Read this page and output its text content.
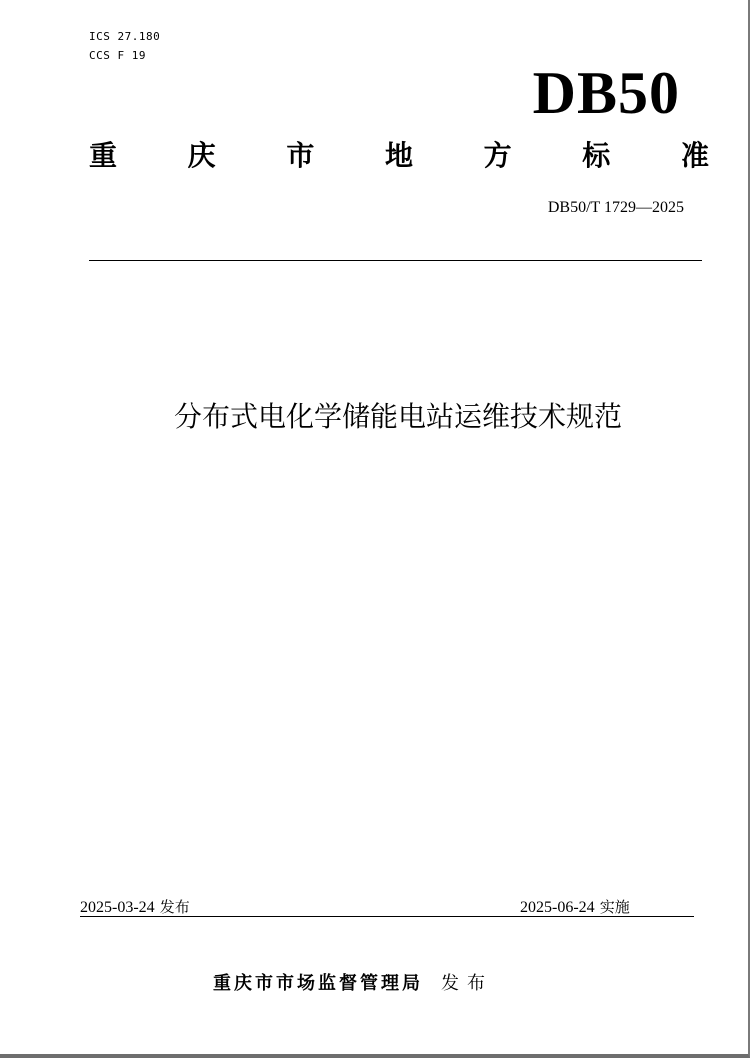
ICS 27.180
CCS F 19
DB50
重	庆	市	地	方	标	准
DB50/T 1729—2025
分布式电化学储能电站运维技术规范
2025-03-24 发布	2025-06-24 实施
重庆市市场监督管理局 发布
